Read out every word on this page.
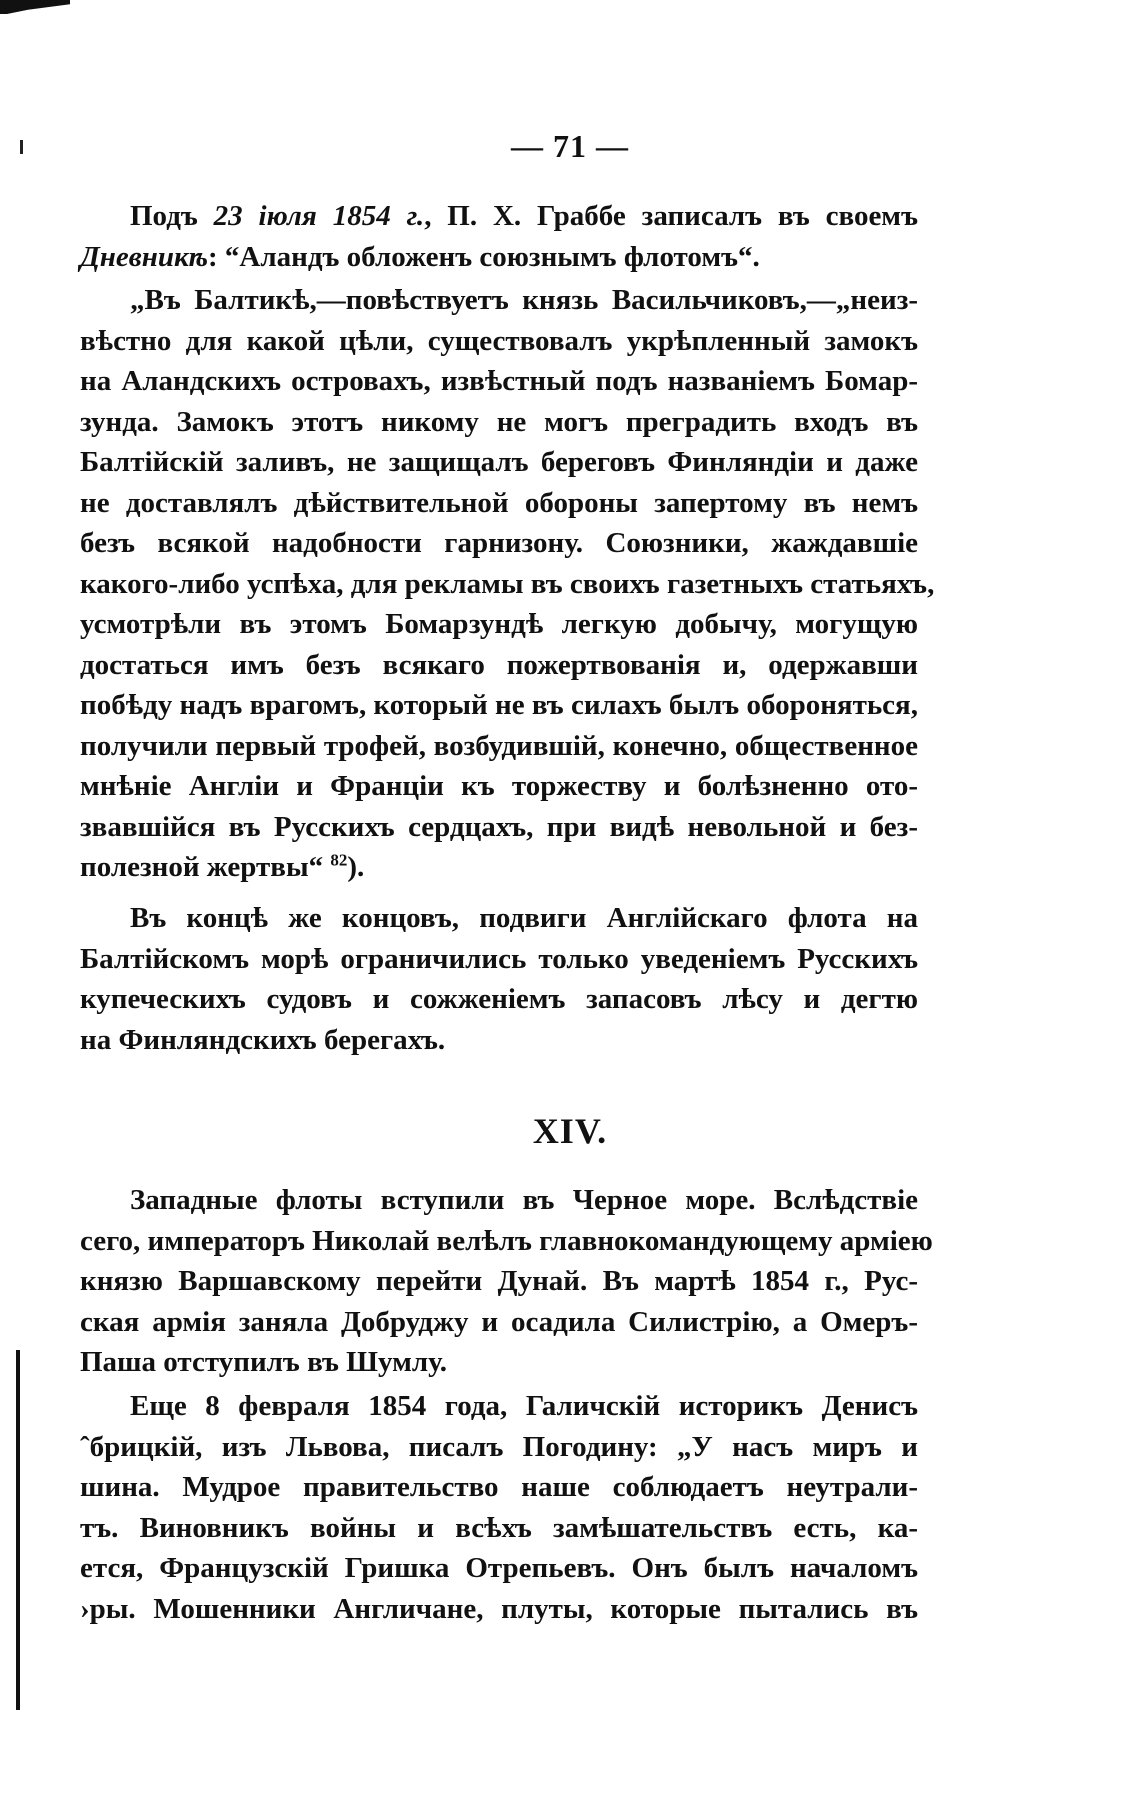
— 71 —
Подъ 23 іюля 1854 г., П. Х. Граббе записалъ въ своемъ
Дневникѣ: “Аландъ обложенъ союзнымъ флотомъ“.
„Въ Балтикѣ,—повѣствуетъ князь Васильчиковъ,—„неиз-
вѣстно для какой цѣли, существовалъ укрѣпленный замокъ
на Аландскихъ островахъ, извѣстный подъ названіемъ Бомар-
зунда. Замокъ этотъ никому не могъ преградить входъ въ
Балтійскій заливъ, не защищалъ береговъ Финляндіи и даже
не доставлялъ дѣйствительной обороны запертому въ немъ
безъ всякой надобности гарнизону. Союзники, жаждавшіе
какого-либо успѣха, для рекламы въ своихъ газетныхъ статьяхъ,
усмотрѣли въ этомъ Бомарзундѣ легкую добычу, могущую
достаться имъ безъ всякаго пожертвованія и, одержавши
побѣду надъ врагомъ, который не въ силахъ былъ обороняться,
получили первый трофей, возбудившій, конечно, общественное
мнѣніе Англіи и Франціи къ торжеству и болѣзненно ото-
звавшійся въ Русскихъ сердцахъ, при видѣ невольной и без-
полезной жертвы“ $^{82}$).
Въ концѣ же концовъ, подвиги Англійскаго флота на
Балтійскомъ морѣ ограничились только уведеніемъ Русскихъ
купеческихъ судовъ и сожженіемъ запасовъ лѣсу и дегтю
на Финляндскихъ берегахъ.
XIV.
Западные флоты вступили въ Черное море. Вслѣдствіе
сего, императоръ Николай велѣлъ главнокомандующему арміею
князю Варшавскому перейти Дунай. Въ мартѣ 1854 г., Рус-
ская армія заняла Добруджу и осадила Силистрію, а Омеръ-
Паша отступилъ въ Шумлу.
Еще 8 февраля 1854 года, Галичскій историкъ Денисъ
ˆбрицкій, изъ Львова, писалъ Погодину: „У насъ миръ и
шина. Мудрое правительство наше соблюдаетъ неутрали-
тъ. Виновникъ войны и всѣхъ замѣшательствъ есть, ка-
ется, Французскій Гришка Отрепьевъ. Онъ былъ началомъ
›ры. Мошенники Англичане, плуты, которые пытались въ
